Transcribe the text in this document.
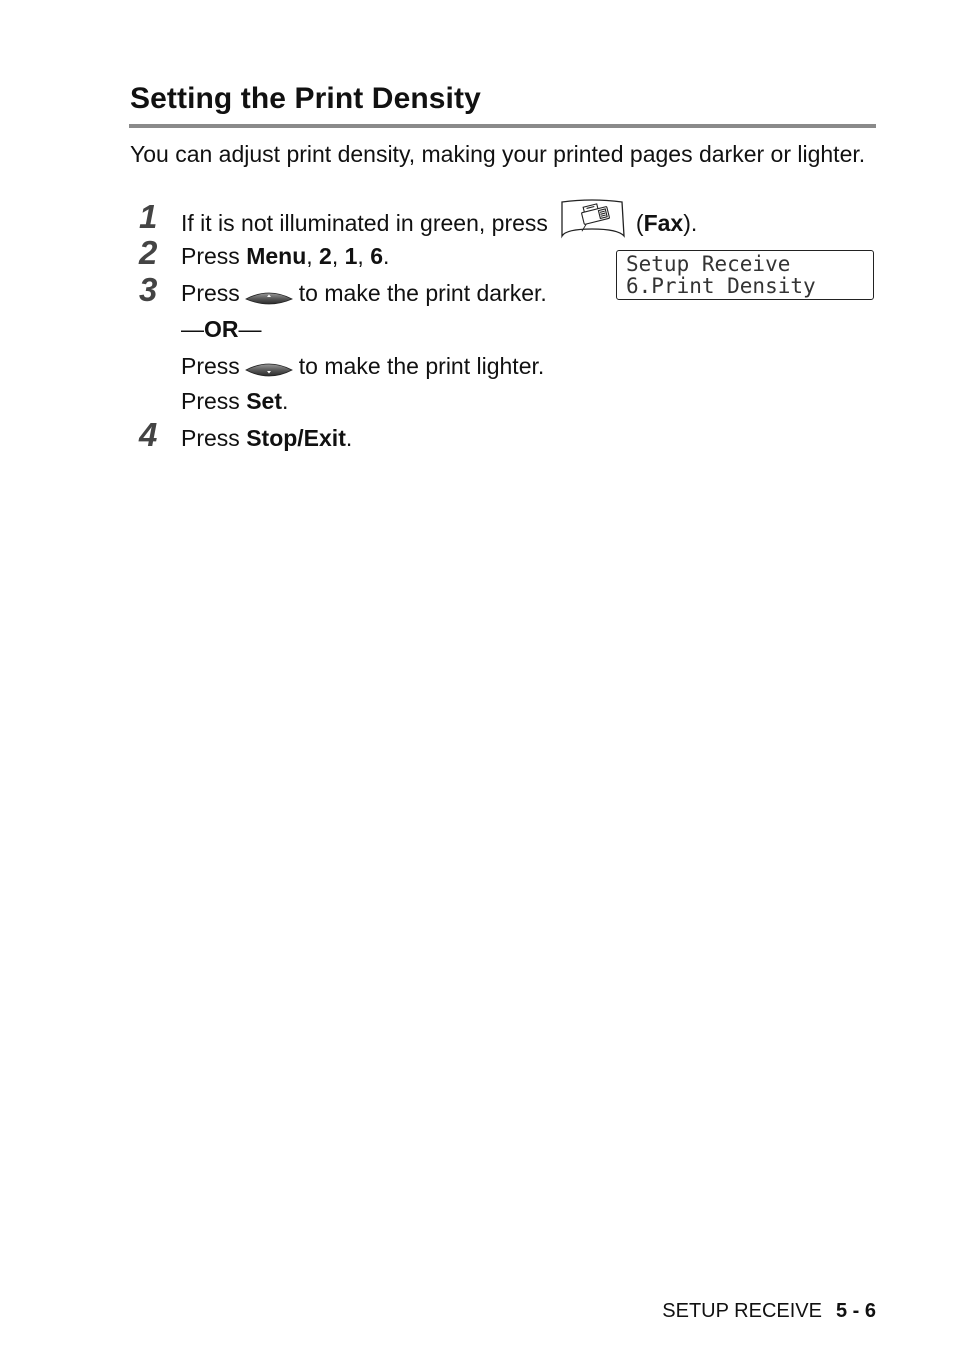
Setting the Print Density

You can adjust print density, making your printed pages darker or lighter.

1 If it is not illuminated in green, press	(Fax).
2 Press Menu, 2, 1, 6.
3 Press	to make the print darker.
—OR—
Press	to make the print lighter.
Press Set.
4 Press Stop/Exit.
Setup Receive
6.Print Density
SETUP RECEIVE 5 - 6
